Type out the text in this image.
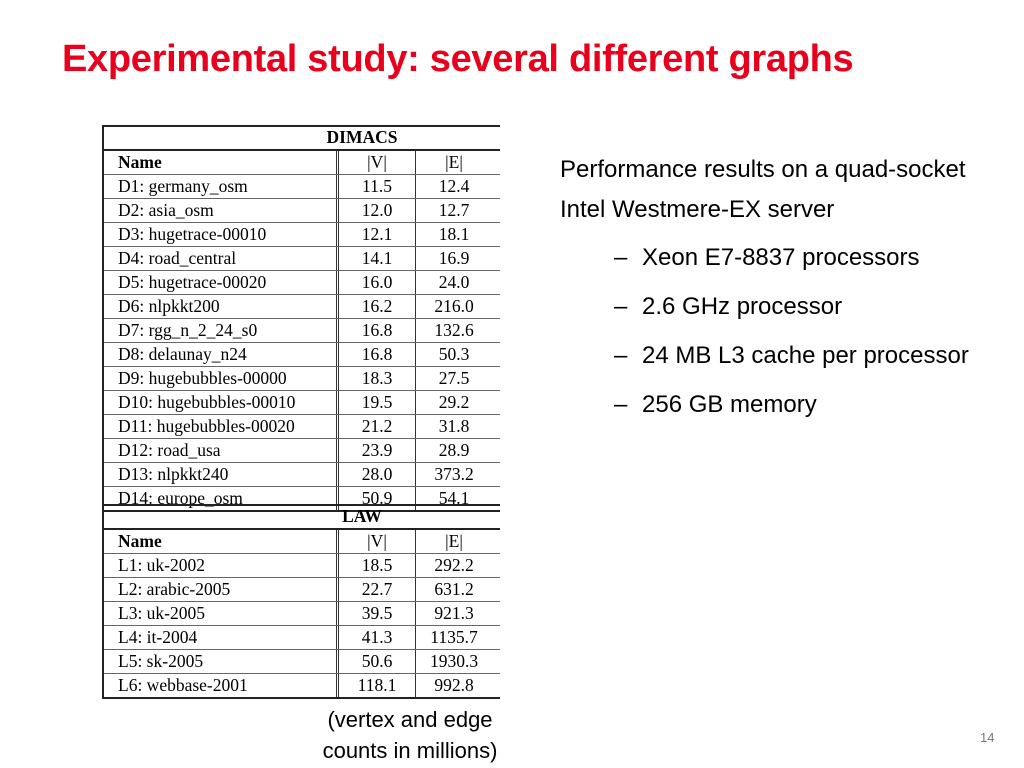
Experimental study: several different graphs
DIMACS
Name	|V|	|E|
D1: germany_osm	11.5	12.4
D2: asia_osm	12.0	12.7
D3: hugetrace-00010	12.1	18.1
D4: road_central	14.1	16.9
D5: hugetrace-00020	16.0	24.0
D6: nlpkkt200	16.2	216.0
D7: rgg_n_2_24_s0	16.8	132.6
D8: delaunay_n24	16.8	50.3
D9: hugebubbles-00000	18.3	27.5
D10: hugebubbles-00010	19.5	29.2
D11: hugebubbles-00020	21.2	31.8
D12: road_usa	23.9	28.9
D13: nlpkkt240	28.0	373.2
D14: europe_osm	50.9	54.1
LAW
Name	|V|	|E|
L1: uk-2002	18.5	292.2
L2: arabic-2005	22.7	631.2
L3: uk-2005	39.5	921.3
L4: it-2004	41.3	1135.7
L5: sk-2005	50.6	1930.3
L6: webbase-2001	118.1	992.8
Performance results on a quad-socket Intel Westmere-EX server
– Xeon E7-8837 processors
– 2.6 GHz processor
– 24 MB L3 cache per processor
– 256 GB memory
(vertex and edge
counts in millions)
14
